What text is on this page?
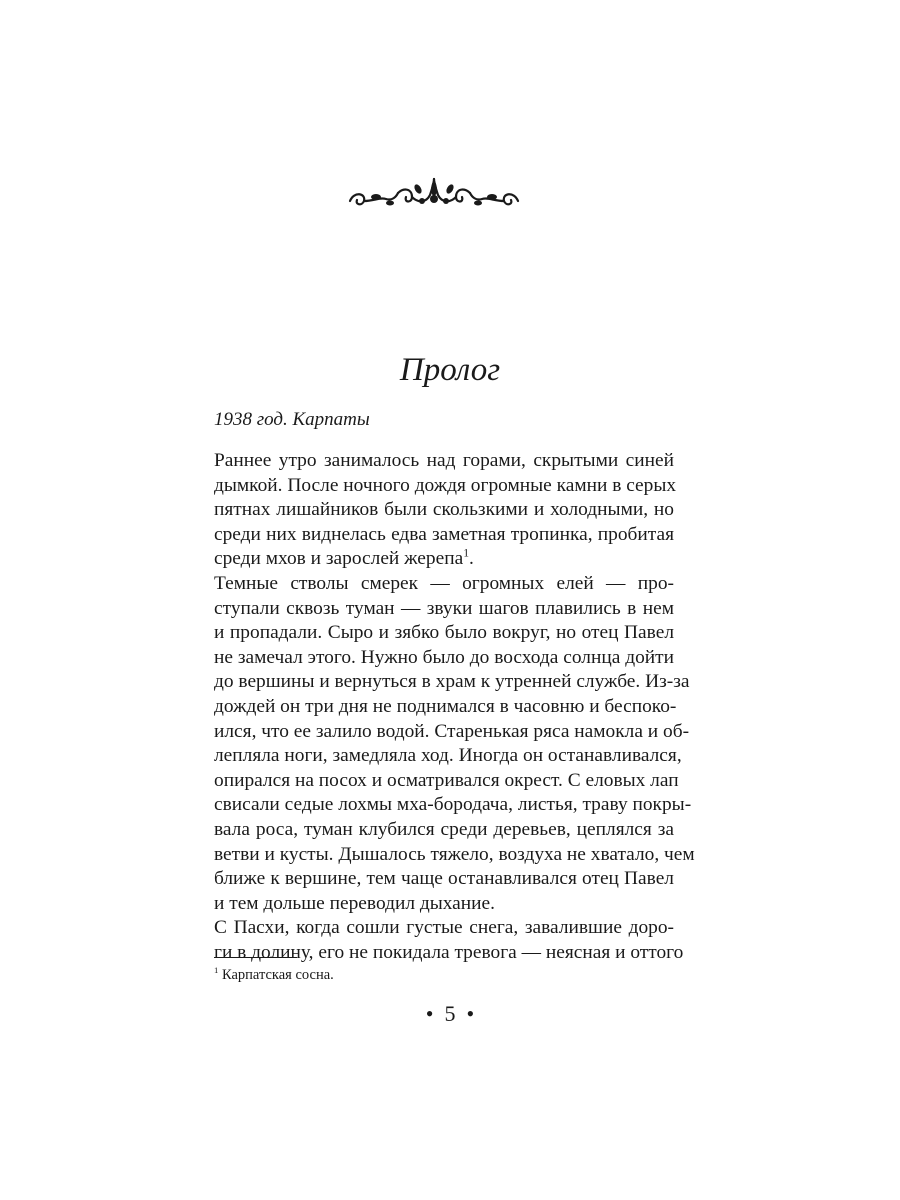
Пролог
1938 год. Карпаты

Раннее утро занималось над горами, скрытыми синей
дымкой. После ночного дождя огромные камни в серых
пятнах лишайников были скользкими и холодными, но
среди них виднелась едва заметная тропинка, пробитая
среди мхов и зарослей жерепа$^1$.

Темные стволы смерек — огромных елей — про-
ступали сквозь туман — звуки шагов плавились в нем
и пропадали. Сыро и зябко было вокруг, но отец Павел
не замечал этого. Нужно было до восхода солнца дойти
до вершины и вернуться в храм к утренней службе. Из-за
дождей он три дня не поднимался в часовню и беспоко-
ился, что ее залило водой. Старенькая ряса намокла и об-
лепляла ноги, замедляла ход. Иногда он останавливался,
опирался на посох и осматривался окрест. С еловых лап
свисали седые лохмы мха-бородача, листья, траву покры-
вала роса, туман клубился среди деревьев, цеплялся за
ветви и кусты. Дышалось тяжело, воздуха не хватало, чем
ближе к вершине, тем чаще останавливался отец Павел
и тем дольше переводил дыхание.

С Пасхи, когда сошли густые снега, завалившие доро-
ги в долину, его не покидала тревога — неясная и оттого

$^1$ Карпатская сосна.
• 5 •
